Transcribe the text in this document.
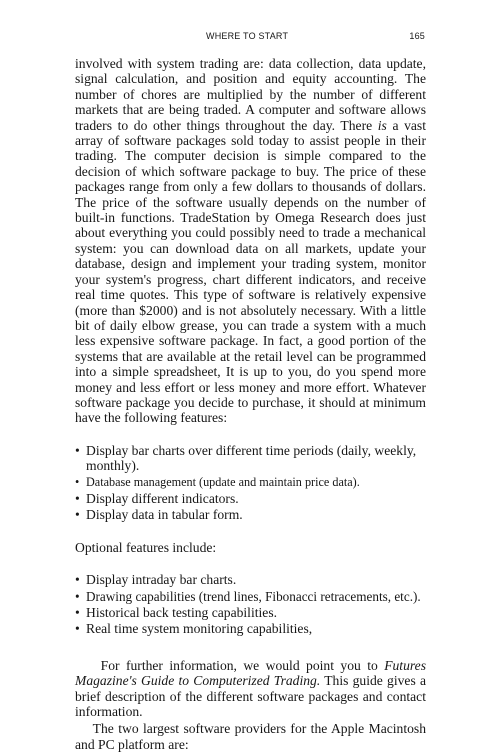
WHERE TO START	165

involved with system trading are: data collection, data update, signal calculation, and position and equity accounting. The number of chores are multiplied by the number of different markets that are being traded. A computer and software allows traders to do other things throughout the day. There is a vast array of software packages sold today to assist people in their trading. The computer decision is simple compared to the decision of which software package to buy. The price of these packages range from only a few dollars to thousands of dollars. The price of the software usually depends on the number of built-in functions. TradeStation by Omega Research does just about everything you could possibly need to trade a mechanical system: you can download data on all markets, update your database, design and implement your trading system, monitor your system's progress, chart different indicators, and receive real time quotes. This type of software is relatively expensive (more than $2000) and is not absolutely necessary. With a little bit of daily elbow grease, you can trade a system with a much less expensive software package. In fact, a good portion of the systems that are available at the retail level can be programmed into a simple spreadsheet, It is up to you, do you spend more money and less effort or less money and more effort. Whatever software package you decide to purchase, it should at minimum have the following features:

• Display bar charts over different time periods (daily, weekly, monthly).
• Database management (update and maintain price data).
• Display different indicators.
• Display data in tabular form.

Optional features include:

• Display intraday bar charts.
• Drawing capabilities (trend lines, Fibonacci retracements, etc.).
• Historical back testing capabilities.
• Real time system monitoring capabilities,

For further information, we would point you to Futures Magazine's Guide to Computerized Trading. This guide gives a brief description of the different software packages and contact information.

The two largest software providers for the Apple Macintosh and PC platform are:
